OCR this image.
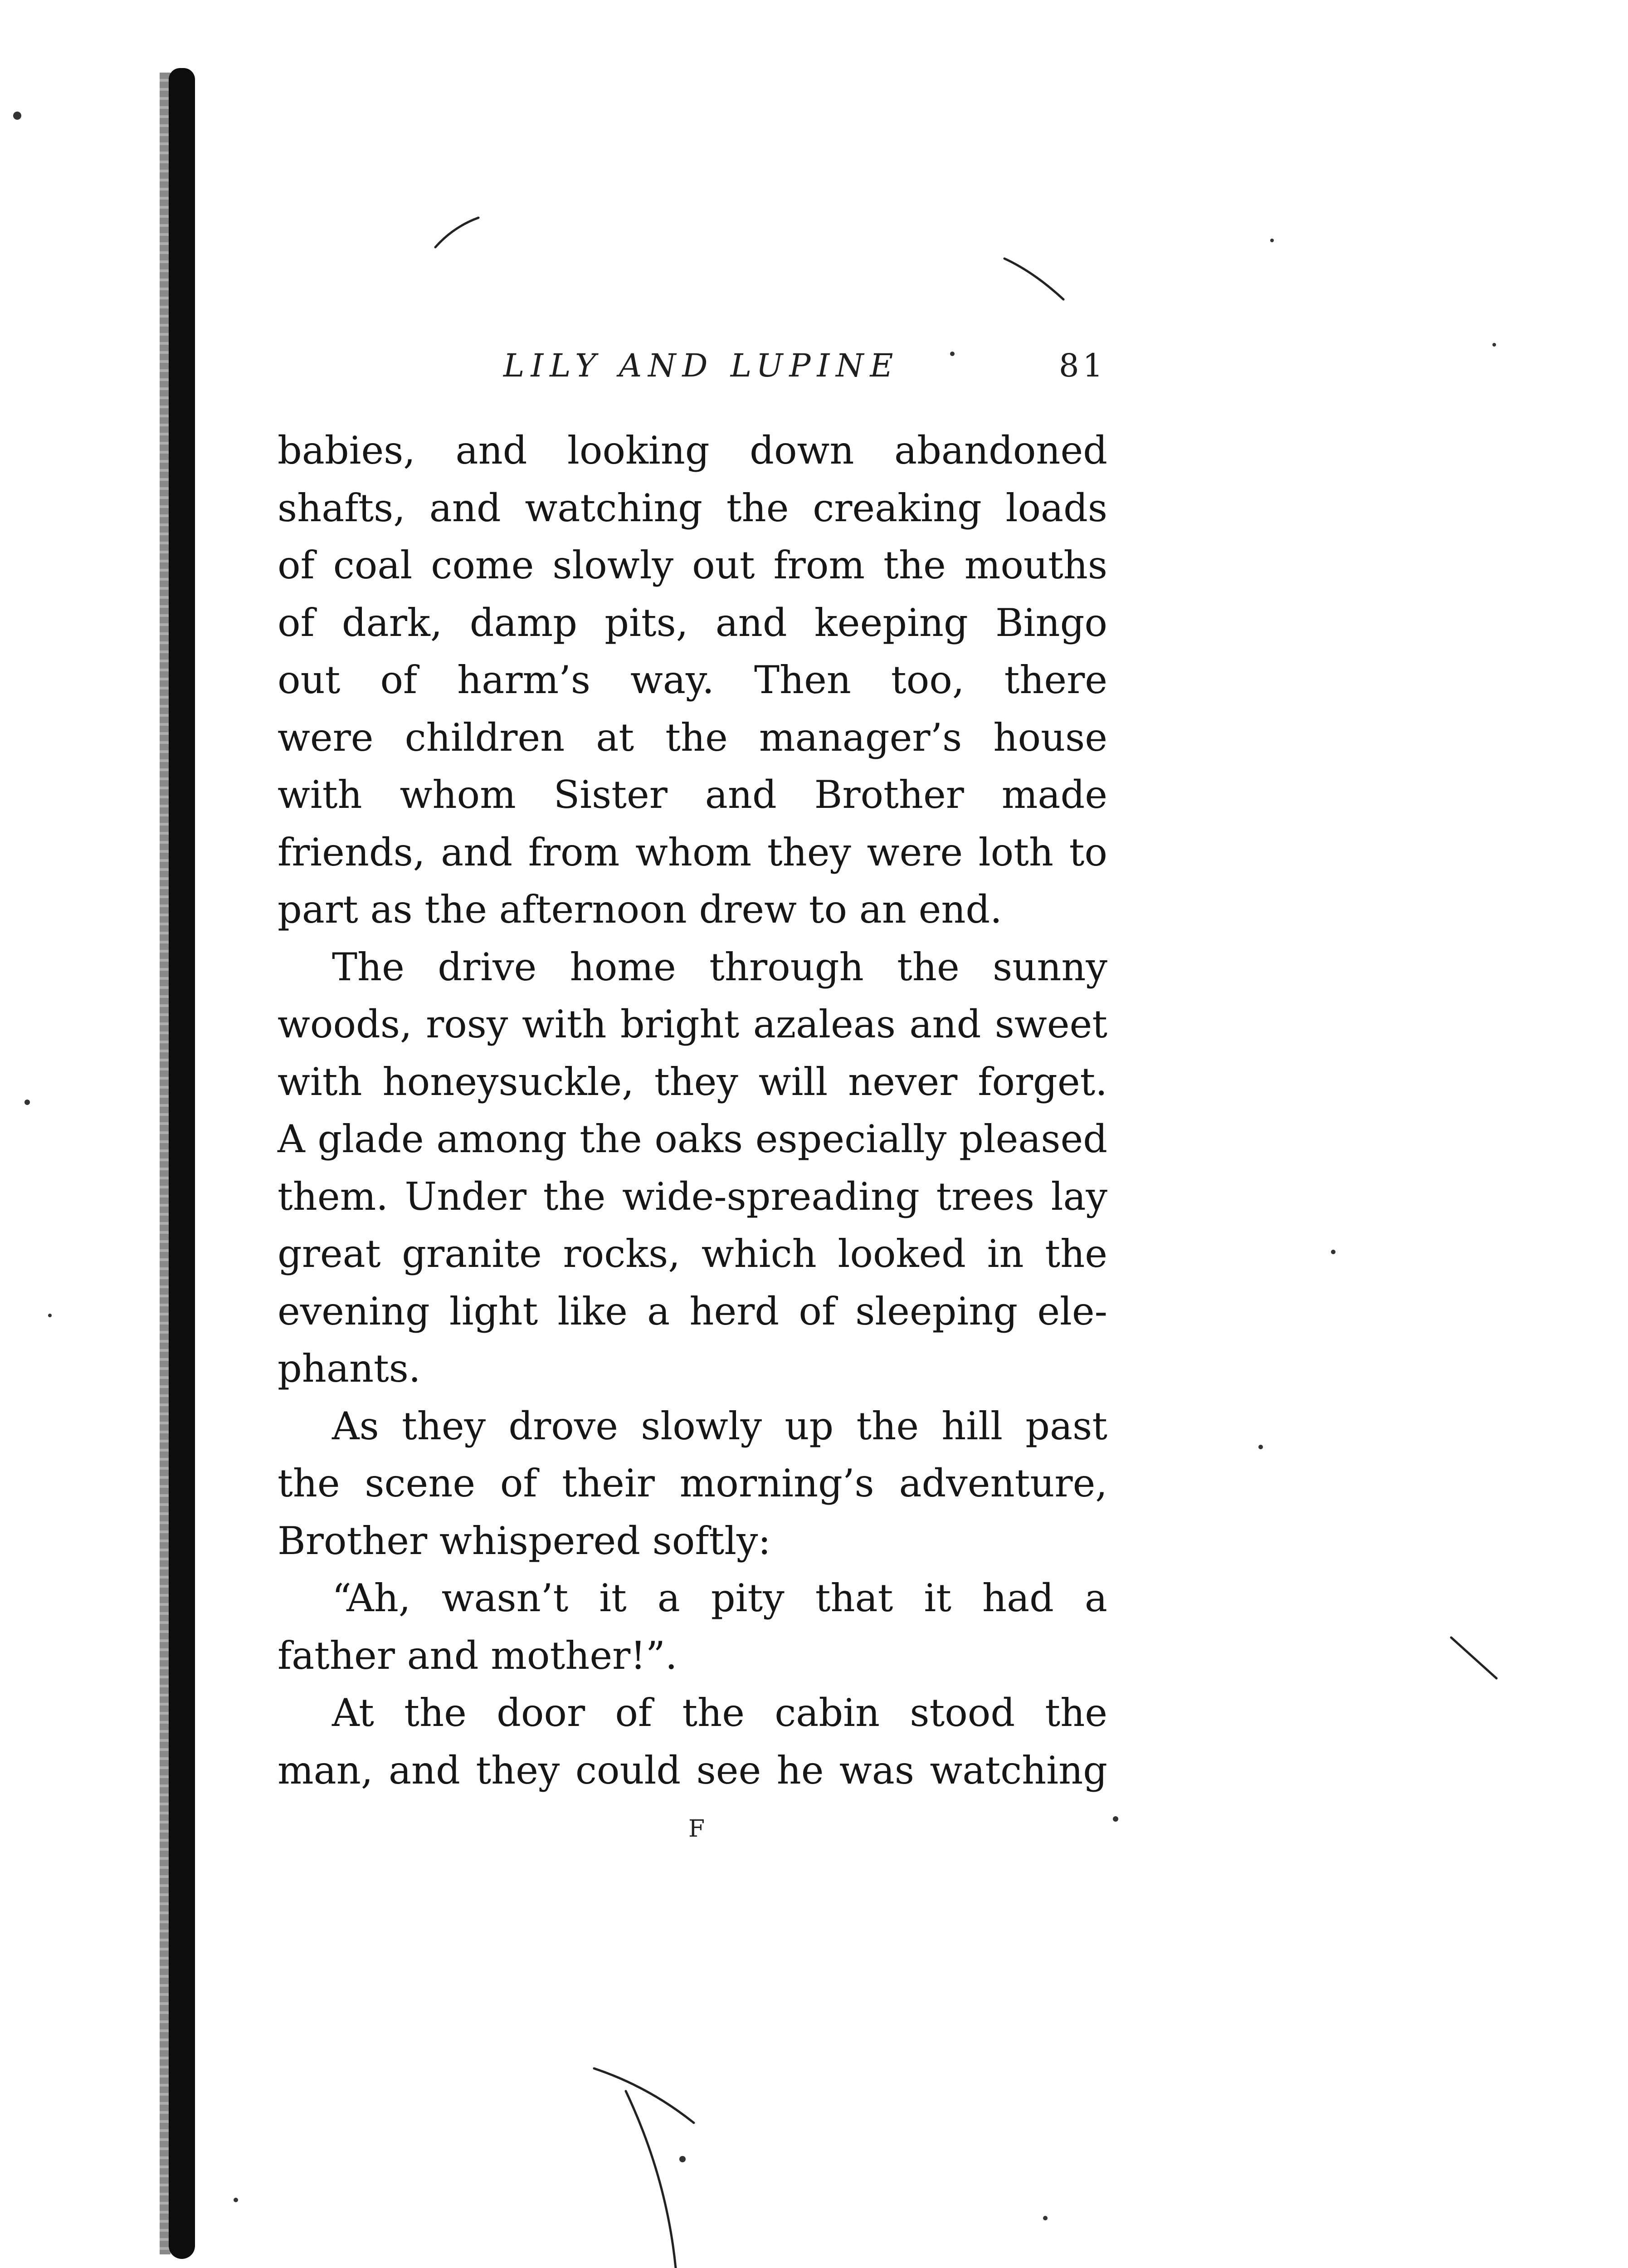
LILY AND LUPINE	81
babies, and looking down abandoned
shafts, and watching the creaking loads
of coal come slowly out from the mouths
of dark, damp pits, and keeping Bingo
out of harm’s way. Then too, there
were children at the manager’s house
with whom Sister and Brother made
friends, and from whom they were loth to
part as the afternoon drew to an end.
The drive home through the sunny
woods, rosy with bright azaleas and sweet
with honeysuckle, they will never forget.
A glade among the oaks especially pleased
them. Under the wide-spreading trees lay
great granite rocks, which looked in the
evening light like a herd of sleeping ele-
phants.
As they drove slowly up the hill past
the scene of their morning’s adventure,
Brother whispered softly:
“Ah, wasn’t it a pity that it had a
father and mother!”.
At the door of the cabin stood the
man, and they could see he was watching
F
